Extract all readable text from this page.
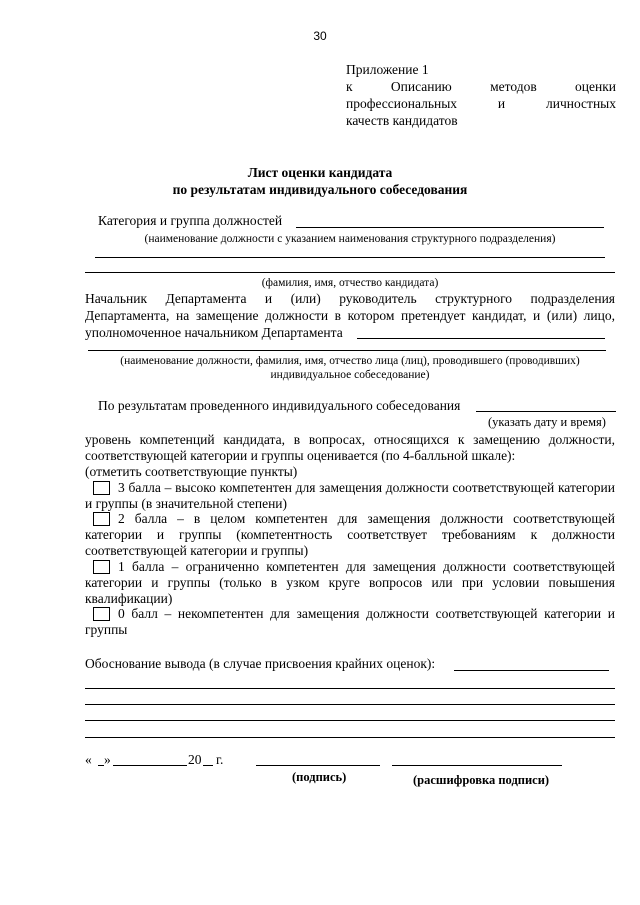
30
Приложение 1
к	Описанию	методов	оценки
профессиональных	и	личностных
качеств кандидатов
Лист оценки кандидата
по результатам индивидуального собеседования
Категория и группа должностей
(наименование должности с указанием наименования структурного подразделения)
(фамилия, имя, отчество кандидата)
Начальник Департамента и (или) руководитель структурного подразделения
Департамента, на замещение должности в котором претендует кандидат, и (или) лицо,
уполномоченное начальником Департамента
(наименование должности, фамилия, имя, отчество лица (лиц), проводившего (проводивших)
индивидуальное собеседование)
По результатам проведенного индивидуального собеседования
(указать дату и время)
уровень компетенций кандидата, в вопросах, относящихся к замещению должности,
соответствующей категории и группы оценивается (по 4-балльной шкале):
(отметить соответствующие пункты)

3 балла – высоко компетентен для замещения должности соответствующей категории и группы (в значительной степени)

2 балла – в целом компетентен для замещения должности соответствующей категории и группы (компетентность соответствует требованиям к должности соответствующей категории и группы)

1 балла – ограниченно компетентен для замещения должности соответствующей категории и группы (только в узком круге вопросов или при условии повышения квалификации)

0 балл – некомпетентен для замещения должности соответствующей категории и группы

Обоснование вывода (в случае присвоения крайних оценок):
« »	20 г.
(подпись)	(расшифровка подписи)
